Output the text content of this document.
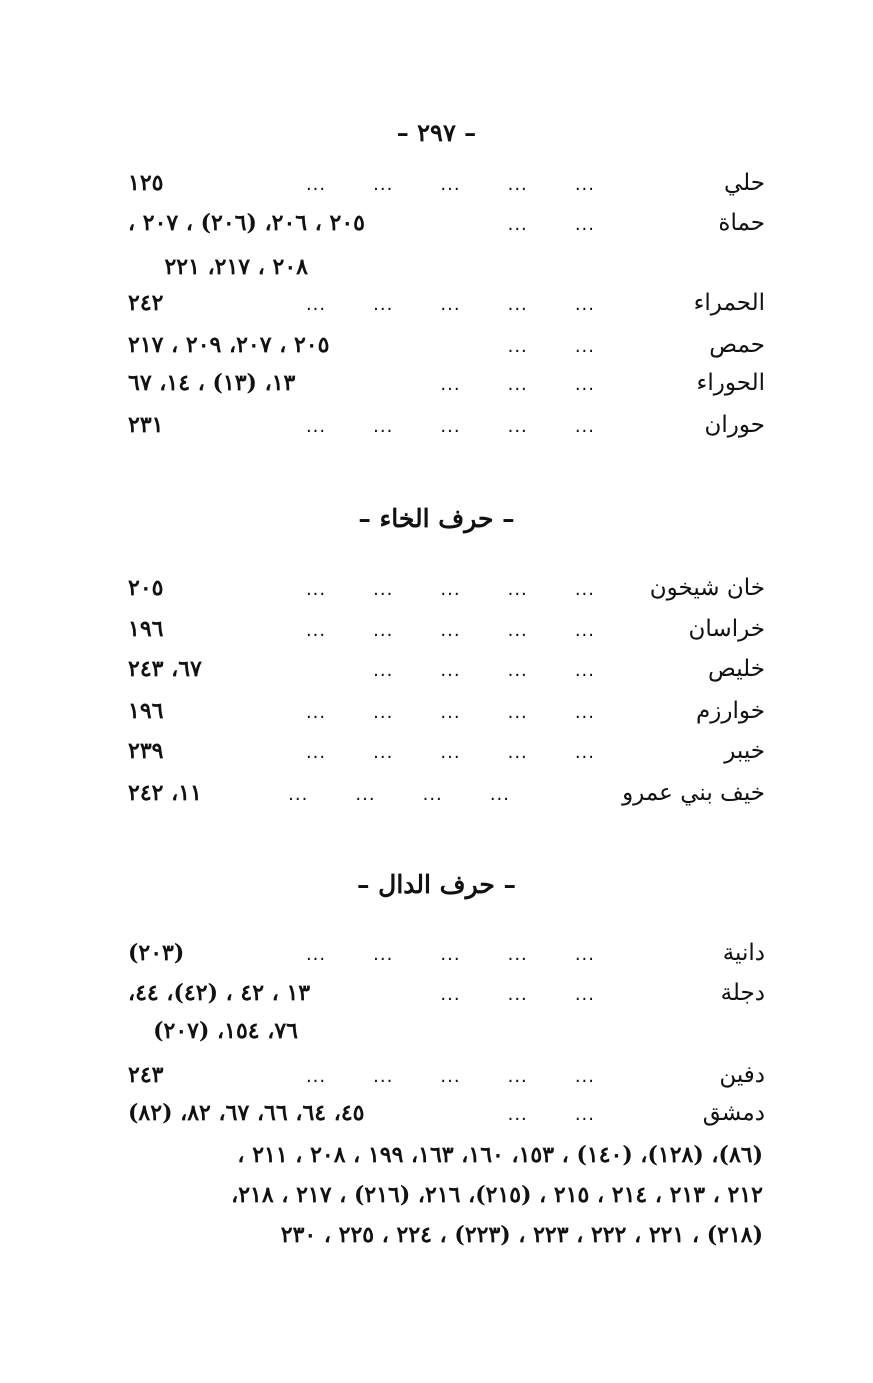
– ٢٩٧ –
حلي
...       ...       ...       ...       ...
١٢٥
حماة
...       ...
٢٠٥ ، ٢٠٦، (٢٠٦) ، ٢٠٧ ،
٢٠٨ ، ٢١٧، ٢٢١
الحمراء
...       ...       ...       ...       ...
٢٤٢
حمص
...       ...
٢٠٥ ، ٢٠٧، ٢٠٩ ، ٢١٧
الحوراء
...       ...       ...
١٣، (١٣) ، ١٤، ٦٧
حوران
...       ...       ...       ...       ...
٢٣١
– حرف الخاء –
خان شيخون
...       ...       ...       ...       ...
٢٠٥
خراسان
...       ...       ...       ...       ...
١٩٦
خليص
...       ...       ...       ...
٦٧، ٢٤٣
خوارزم
...       ...       ...       ...       ...
١٩٦
خيبر
...       ...       ...       ...       ...
٢٣٩
خيف بني عمرو
...       ...       ...       ...
١١، ٢٤٢
– حرف الدال –
دانية
...       ...       ...       ...       ...
(٢٠٣)
دجلة
...       ...       ...
١٣ ، ٤٢ ، (٤٢)، ٤٤،
٧٦، ١٥٤، (٢٠٧)
دفين
...       ...       ...       ...       ...
٢٤٣
دمشق
...       ...
٤٥، ٦٤، ٦٦، ٦٧، ٨٢، (٨٢)
(٨٦)، (١٢٨)، (١٤٠) ، ١٥٣، ١٦٠، ١٦٣، ١٩٩ ، ٢٠٨ ، ٢١١ ،
٢١٢ ، ٢١٣ ، ٢١٤ ، ٢١٥ ، (٢١٥)، ٢١٦، (٢١٦) ، ٢١٧ ، ٢١٨،
(٢١٨) ، ٢٢١ ، ٢٢٢ ، ٢٢٣ ، (٢٢٣) ، ٢٢٤ ، ٢٢٥ ، ٢٣٠
